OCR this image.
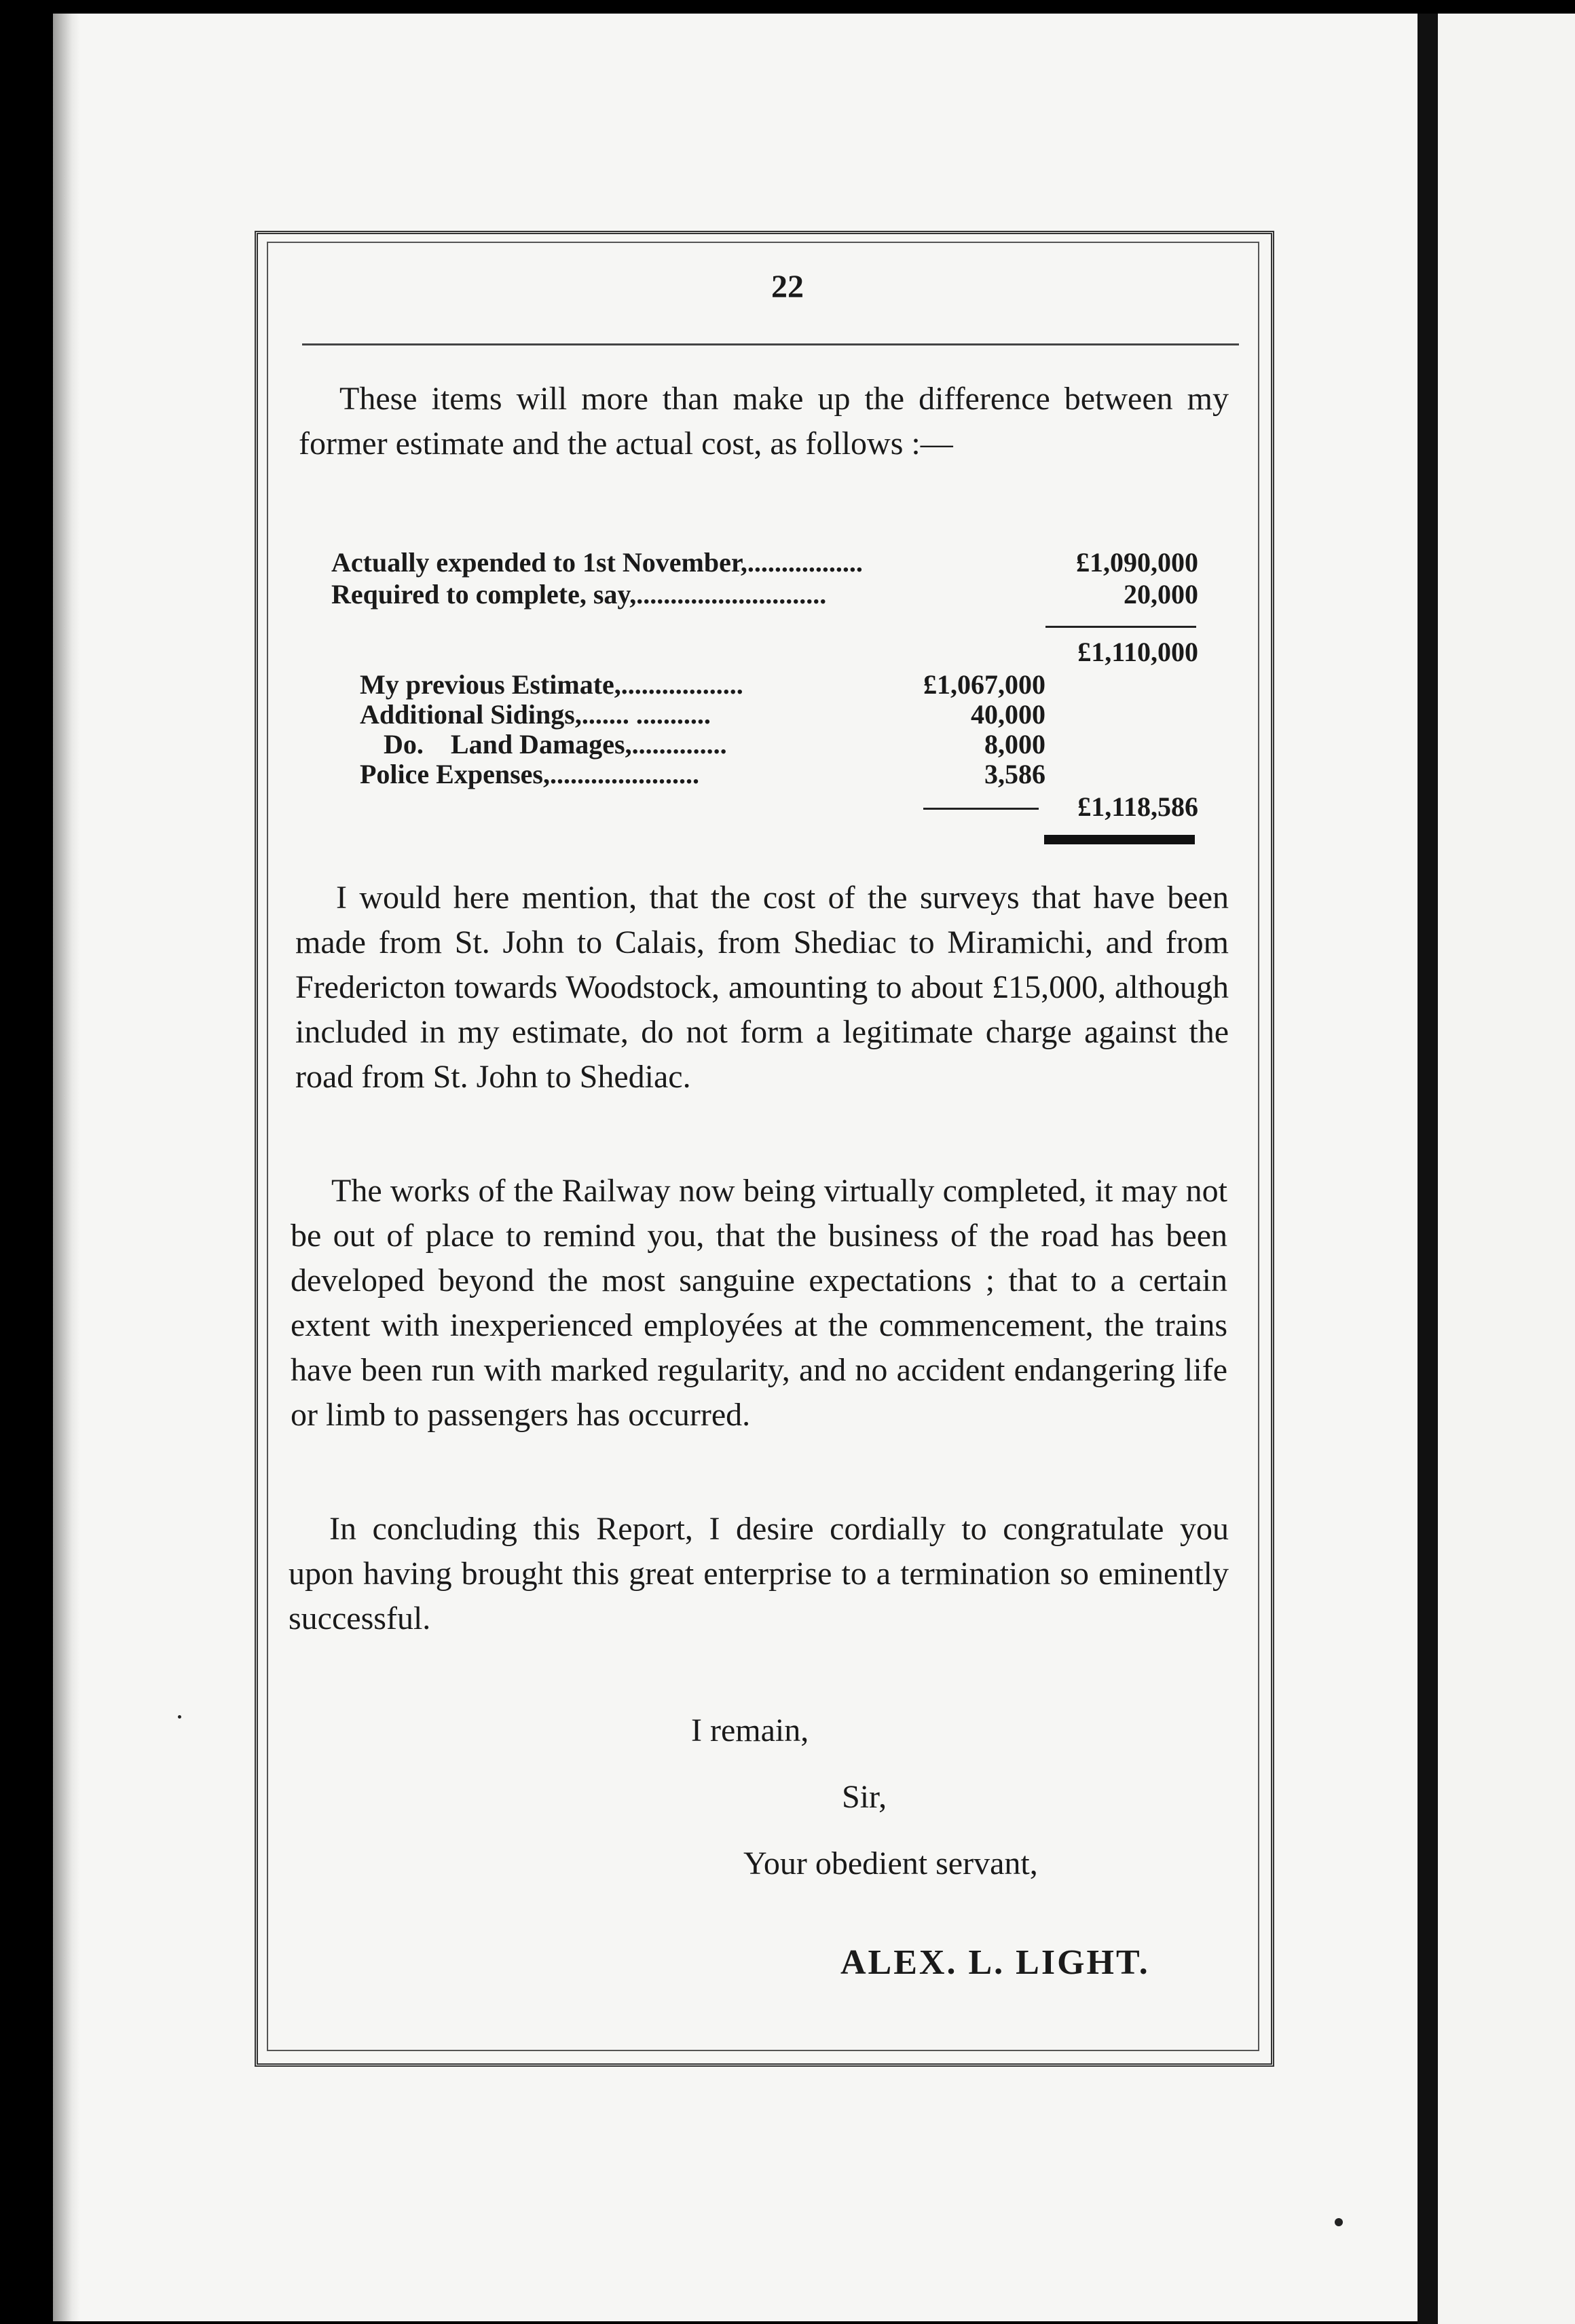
22
These items will more than make up the difference between my former estimate and the actual cost, as follows :—
Actually expended to 1st November,.................	£1,090,000
Required to complete, say,............................	20,000
£1,110,000
My previous Estimate,..................	£1,067,000
Additional Sidings,....... ...........	40,000
Do.    Land Damages,..............	8,000
Police Expenses,......................	3,586
£1,118,586
I would here mention, that the cost of the surveys that have been made from St. John to Calais, from Shediac to Miramichi, and from Fredericton towards Woodstock, amounting to about £15,000, although included in my estimate, do not form a legitimate charge against the road from St. John to Shediac.
The works of the Railway now being virtually completed, it may not be out of place to remind you, that the business of the road has been developed beyond the most sanguine expectations ; that to a certain extent with inexperienced employées at the commencement, the trains have been run with marked regularity, and no accident endangering life or limb to passengers has occurred.
In concluding this Report, I desire cordially to congratulate you upon having brought this great enterprise to a termination so eminently successful.
I remain,
Sir,
Your obedient servant,
ALEX. L. LIGHT.
